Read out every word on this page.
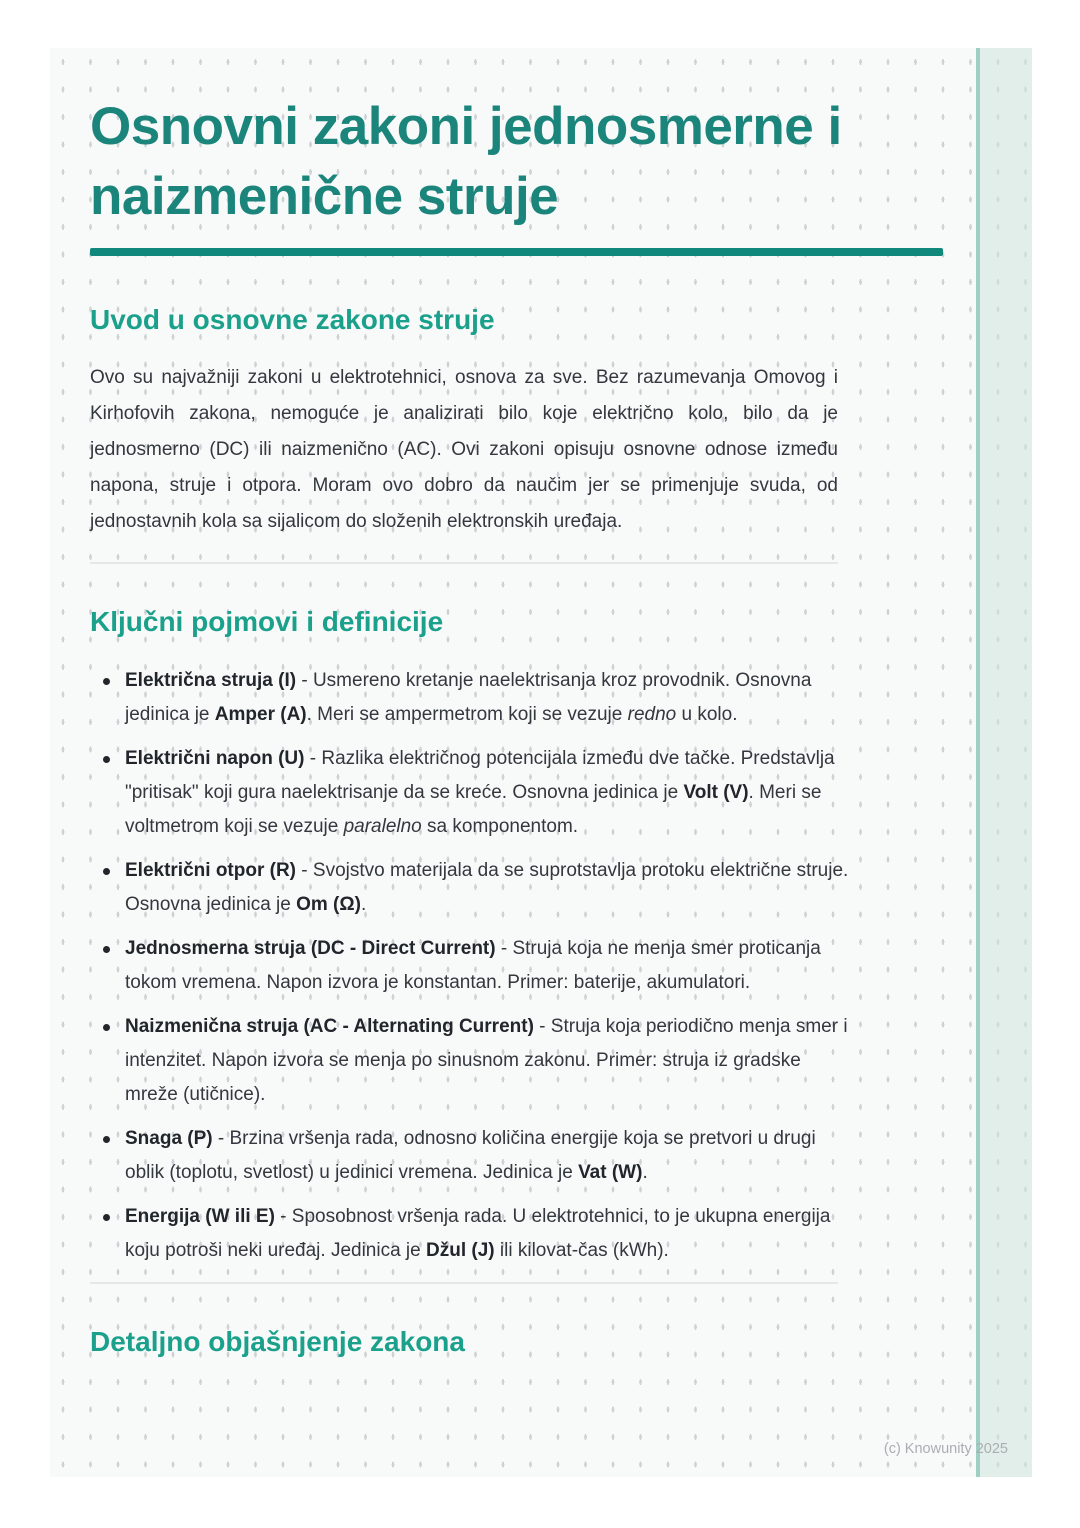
Osnovni zakoni jednosmerne i naizmenične struje
Uvod u osnovne zakone struje

Ovo su najvažniji zakoni u elektrotehnici, osnova za sve. Bez razumevanja Omovog i Kirhofovih zakona, nemoguće je analizirati bilo koje električno kolo, bilo da je jednosmerno (DC) ili naizmenično (AC). Ovi zakoni opisuju osnovne odnose između napona, struje i otpora. Moram ovo dobro da naučim jer se primenjuje svuda, od jednostavnih kola sa sijalicom do složenih elektronskih uređaja.

Ključni pojmovi i definicije
Električna struja (I) - Usmereno kretanje naelektrisanja kroz provodnik. Osnovna jedinica je Amper (A). Meri se ampermetrom koji se vezuje redno u kolo.
Električni napon (U) - Razlika električnog potencijala između dve tačke. Predstavlja "pritisak" koji gura naelektrisanje da se kreće. Osnovna jedinica je Volt (V). Meri se voltmetrom koji se vezuje paralelno sa komponentom.
Električni otpor (R) - Svojstvo materijala da se suprotstavlja protoku električne struje. Osnovna jedinica je Om (Ω).
Jednosmerna struja (DC - Direct Current) - Struja koja ne menja smer proticanja tokom vremena. Napon izvora je konstantan. Primer: baterije, akumulatori.
Naizmenična struja (AC - Alternating Current) - Struja koja periodično menja smer i intenzitet. Napon izvora se menja po sinusnom zakonu. Primer: struja iz gradske mreže (utičnice).
Snaga (P) - Brzina vršenja rada, odnosno količina energije koja se pretvori u drugi oblik (toplotu, svetlost) u jedinici vremena. Jedinica je Vat (W).
Energija (W ili E) - Sposobnost vršenja rada. U elektrotehnici, to je ukupna energija koju potroši neki uređaj. Jedinica je Džul (J) ili kilovat-čas (kWh).
Detaljno objašnjenje zakona
(c) Knowunity 2025
